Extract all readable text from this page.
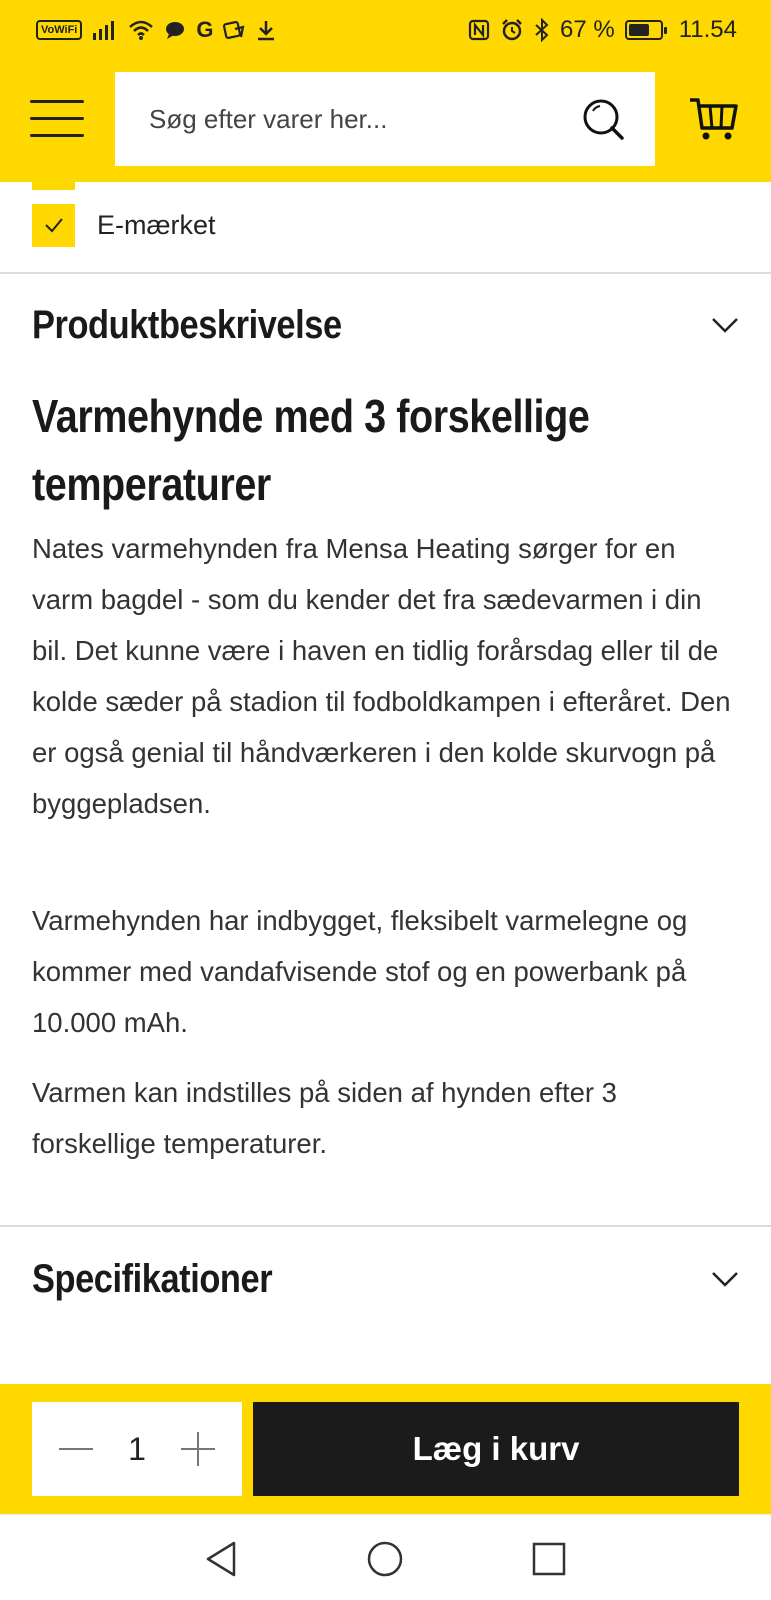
VoWiFi	G	67 %	11.54
Søg efter varer her...
E-mærket
Produktbeskrivelse
Varmehynde med 3 forskellige temperaturer

Nates varmehynden fra Mensa Heating sørger for en varm bagdel - som du kender det fra sædevarmen i din bil. Det kunne være i haven en tidlig forårsdag eller til de kolde sæder på stadion til fodboldkampen i efteråret. Den er også genial til håndværkeren i den kolde skurvogn på byggepladsen.

Varmehynden har indbygget, fleksibelt varmelegne og kommer med vandafvisende stof og en powerbank på 10.000 mAh.

Varmen kan indstilles på siden af hynden efter 3 forskellige temperaturer.

Specifikationer
1	Læg i kurv
